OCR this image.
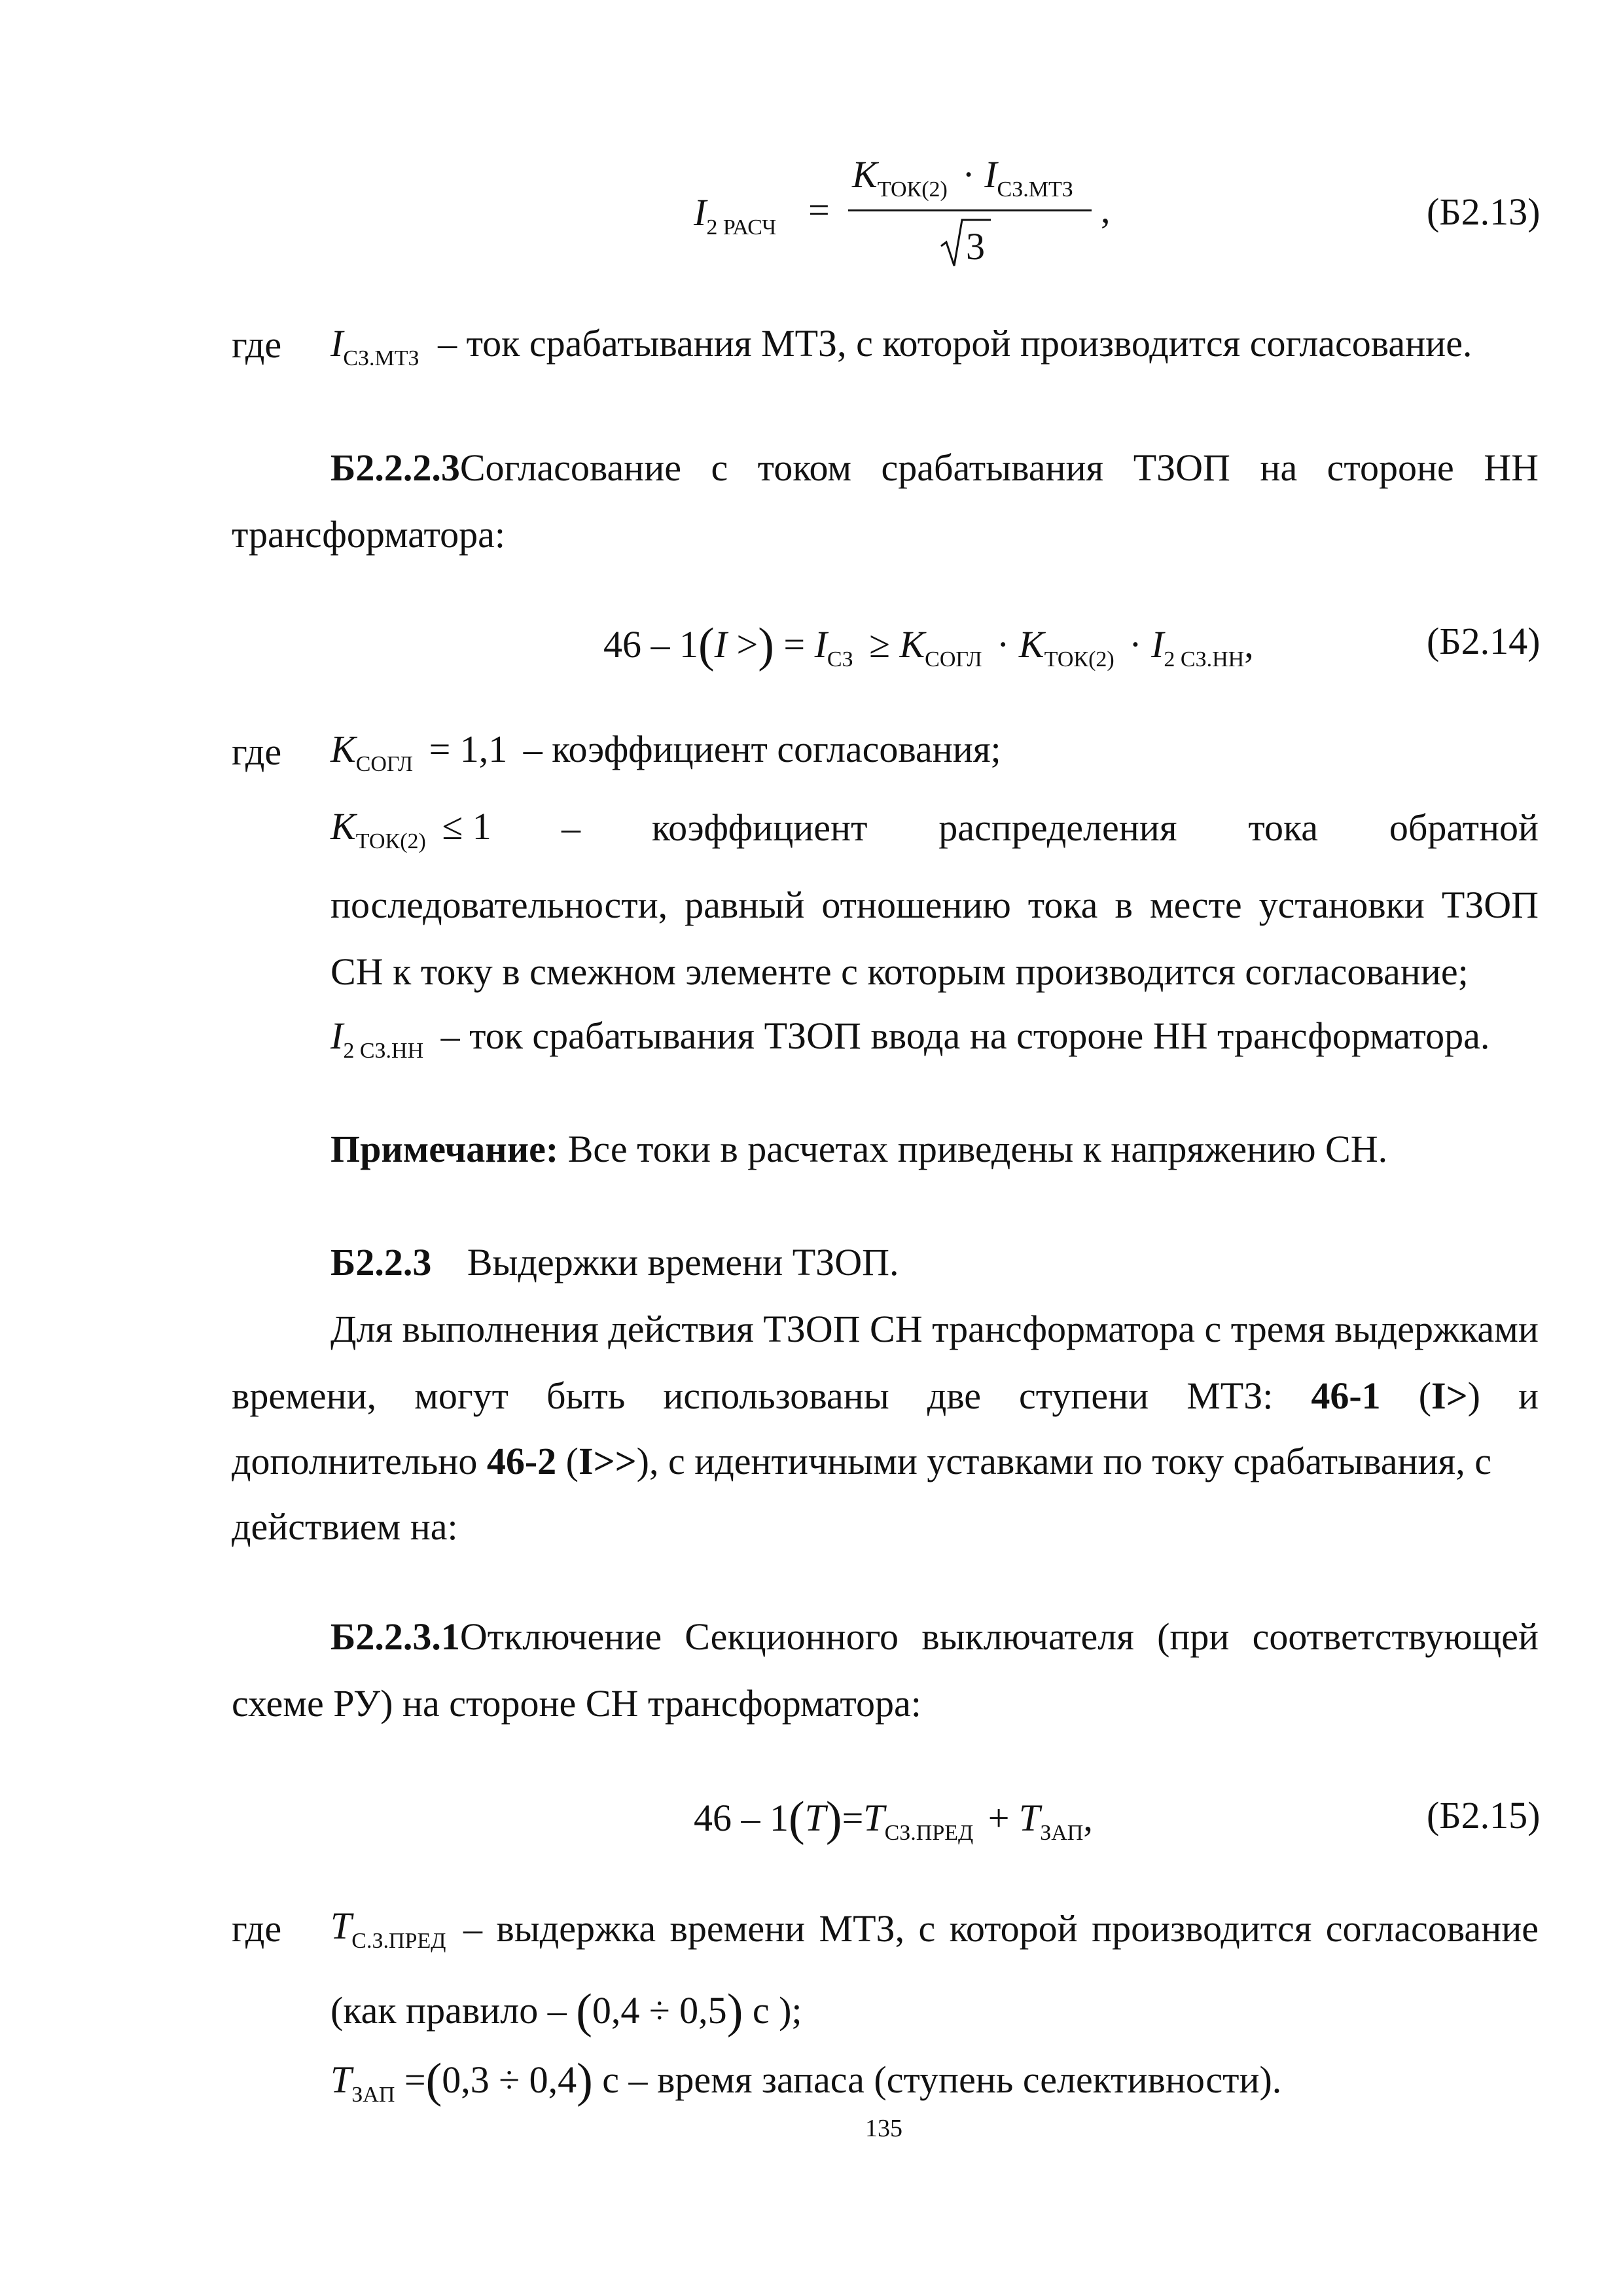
$I_{2 РАСЧ}$ =
$K_{ТОК(2)} \cdot I_{СЗ.МТЗ}$
3
,	(Б2.13)
где $I_{СЗ.МТЗ}$ – ток срабатывания МТЗ, с которой производится согласование.
Б2.2.2.3Согласование с током срабатывания ТЗОП на стороне НН
трансформатора:
46 – 1(I >) = $I_{СЗ} \ge K_{СОГЛ} \cdot K_{ТОК(2)} \cdot I_{2 СЗ.НН}$,	(Б2.14)
где $K_{СОГЛ} = 1,1$ – коэффициент согласования;
$K_{ТОК(2)} \le 1$ – коэффициент распределения тока обратной
последовательности, равный отношению тока в месте установки ТЗОП
СН к току в смежном элементе с которым производится согласование;
$I_{2 СЗ.НН}$ – ток срабатывания ТЗОП ввода на стороне НН трансформатора.
Примечание: Все токи в расчетах приведены к напряжению СН.
Б2.2.3 Выдержки времени ТЗОП.
Для выполнения действия ТЗОП СН трансформатора с тремя выдержками
времени, могут быть использованы две ступени МТЗ: 46-1 (I>) и
дополнительно 46-2 (I>>), с идентичными уставками по току срабатывания, с
действием на:
Б2.2.3.1Отключение Секционного выключателя (при соответствующей
схеме РУ) на стороне СН трансформатора:
$46 - 1(T)=T_{СЗ.ПРЕД} + T_{ЗАП}$,	(Б2.15)
где $T_{С.З.ПРЕД}$ – выдержка времени МТЗ, с которой производится согласование
(как правило – (0,4 ÷ 0,5) с );
$T_{ЗАП} =(0,3 \div 0,4)$ с – время запаса (ступень селективности).
135
